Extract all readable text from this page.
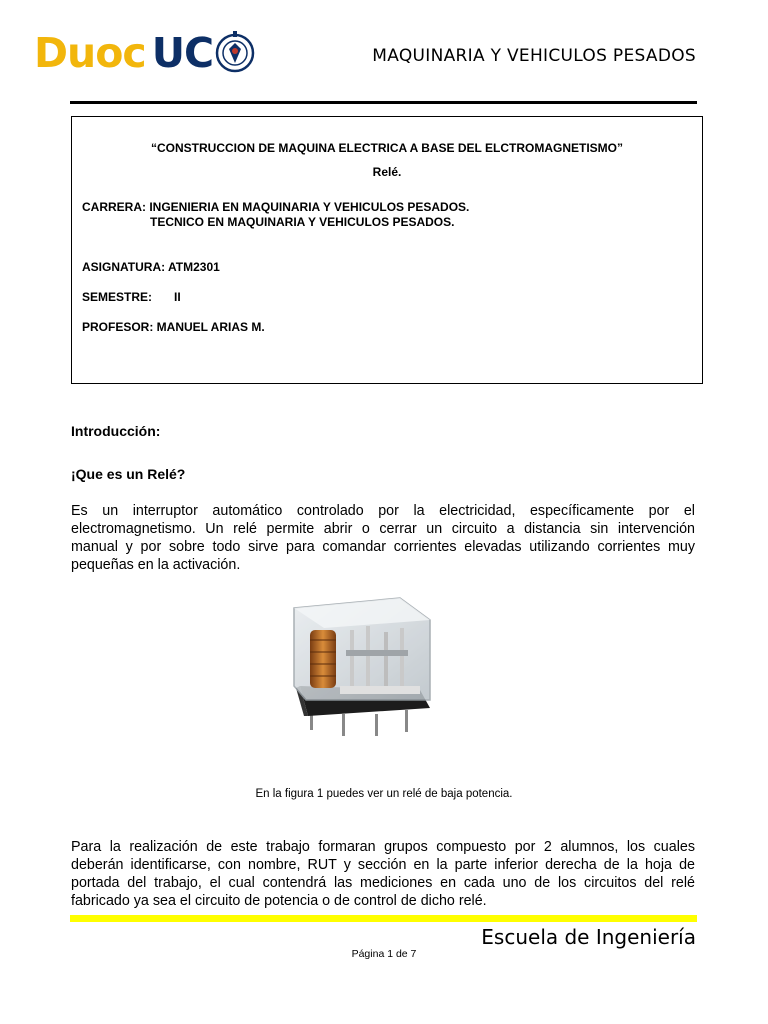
Duoc UC	MAQUINARIA Y VEHICULOS PESADOS
“CONSTRUCCION DE MAQUINA ELECTRICA A BASE DEL ELCTROMAGNETISMO”
Relé.
CARRERA: INGENIERIA EN MAQUINARIA Y VEHICULOS PESADOS.
TECNICO EN MAQUINARIA Y VEHICULOS PESADOS.
ASIGNATURA: ATM2301
SEMESTRE: II
PROFESOR: MANUEL ARIAS M.
Introducción:
¡Que es un Relé?
Es un interruptor automático controlado por la electricidad, específicamente por el
electromagnetismo. Un relé permite abrir o cerrar un circuito a distancia sin intervención
manual y por sobre todo sirve para comandar corrientes elevadas utilizando corrientes muy
pequeñas en la activación.
En la figura 1 puedes ver un relé de baja potencia.
Para la realización de este trabajo formaran grupos compuesto por 2 alumnos, los cuales
deberán identificarse, con nombre, RUT y sección en la parte inferior derecha de la hoja de
portada del trabajo, el cual contendrá las mediciones en cada uno de los circuitos del relé
fabricado ya sea el circuito de potencia o de control de dicho relé.
Escuela de Ingeniería
Página 1 de 7
